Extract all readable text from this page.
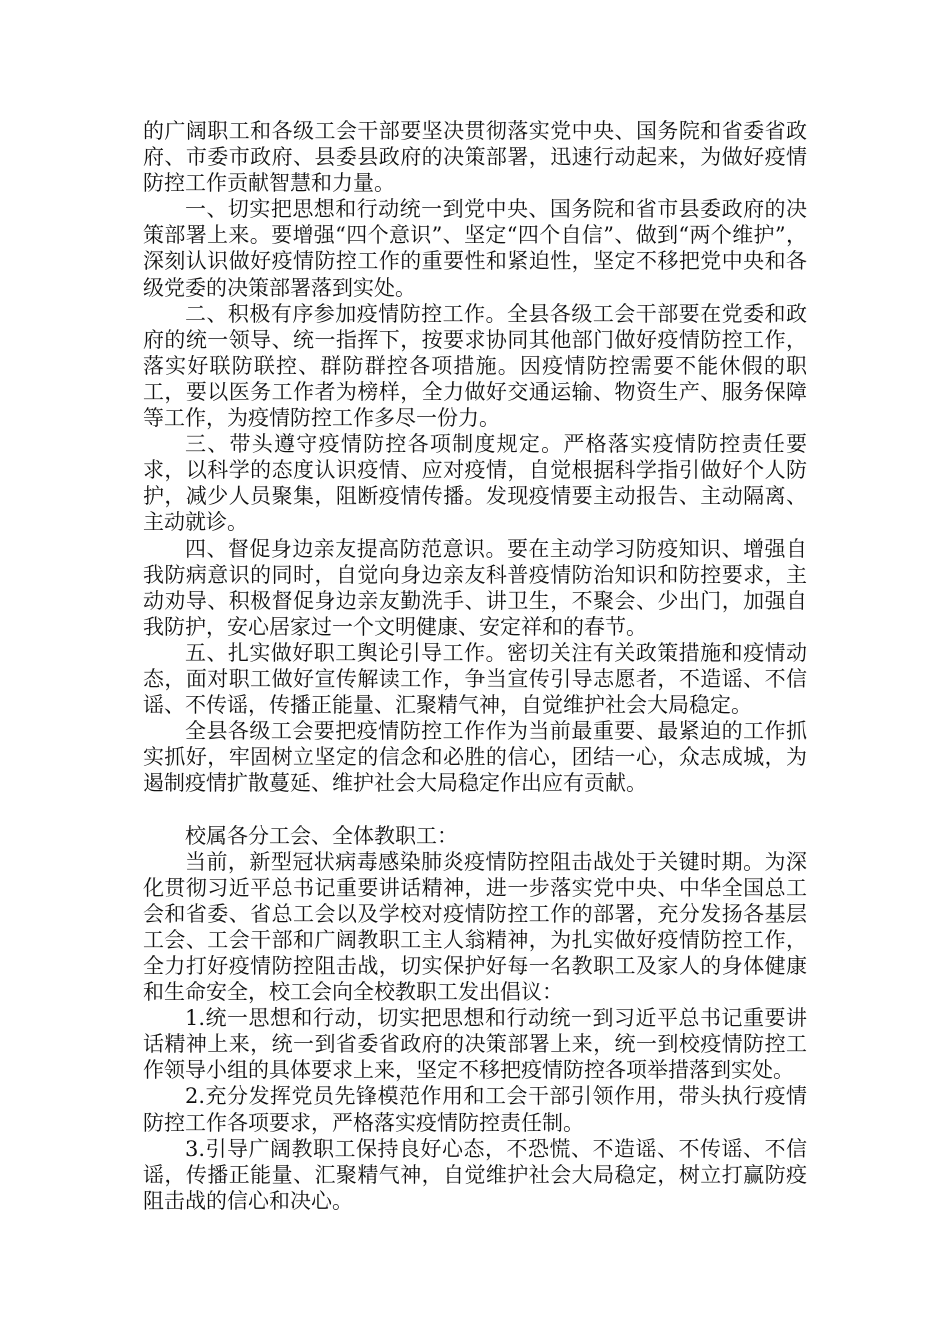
的广阔职工和各级工会干部要坚决贯彻落实党中央、国务院和省委省政府、市委市政府、县委县政府的决策部署，迅速行动起来，为做好疫情防控工作贡献智慧和力量。

一、切实把思想和行动统一到党中央、国务院和省市县委政府的决策部署上来。要增强“四个意识”、坚定“四个自信”、做到“两个维护”，深刻认识做好疫情防控工作的重要性和紧迫性，坚定不移把党中央和各级党委的决策部署落到实处。

二、积极有序参加疫情防控工作。全县各级工会干部要在党委和政府的统一领导、统一指挥下，按要求协同其他部门做好疫情防控工作，落实好联防联控、群防群控各项措施。因疫情防控需要不能休假的职工，要以医务工作者为榜样，全力做好交通运输、物资生产、服务保障等工作，为疫情防控工作多尽一份力。

三、带头遵守疫情防控各项制度规定。严格落实疫情防控责任要求，以科学的态度认识疫情、应对疫情，自觉根据科学指引做好个人防护，减少人员聚集，阻断疫情传播。发现疫情要主动报告、主动隔离、主动就诊。

四、督促身边亲友提高防范意识。要在主动学习防疫知识、增强自我防病意识的同时，自觉向身边亲友科普疫情防治知识和防控要求，主动劝导、积极督促身边亲友勤洗手、讲卫生，不聚会、少出门，加强自我防护，安心居家过一个文明健康、安定祥和的春节。

五、扎实做好职工舆论引导工作。密切关注有关政策措施和疫情动态，面对职工做好宣传解读工作，争当宣传引导志愿者，不造谣、不信谣、不传谣，传播正能量、汇聚精气神，自觉维护社会大局稳定。

全县各级工会要把疫情防控工作作为当前最重要、最紧迫的工作抓实抓好，牢固树立坚定的信念和必胜的信心，团结一心，众志成城，为遏制疫情扩散蔓延、维护社会大局稳定作出应有贡献。

校属各分工会、全体教职工：

当前，新型冠状病毒感染肺炎疫情防控阻击战处于关键时期。为深化贯彻习近平总书记重要讲话精神，进一步落实党中央、中华全国总工会和省委、省总工会以及学校对疫情防控工作的部署，充分发扬各基层工会、工会干部和广阔教职工主人翁精神，为扎实做好疫情防控工作，全力打好疫情防控阻击战，切实保护好每一名教职工及家人的身体健康和生命安全，校工会向全校教职工发出倡议：

1.统一思想和行动，切实把思想和行动统一到习近平总书记重要讲话精神上来，统一到省委省政府的决策部署上来，统一到校疫情防控工作领导小组的具体要求上来，坚定不移把疫情防控各项举措落到实处。

2.充分发挥党员先锋模范作用和工会干部引领作用，带头执行疫情防控工作各项要求，严格落实疫情防控责任制。

3.引导广阔教职工保持良好心态，不恐慌、不造谣、不传谣、不信谣，传播正能量、汇聚精气神，自觉维护社会大局稳定，树立打赢防疫阻击战的信心和决心。
